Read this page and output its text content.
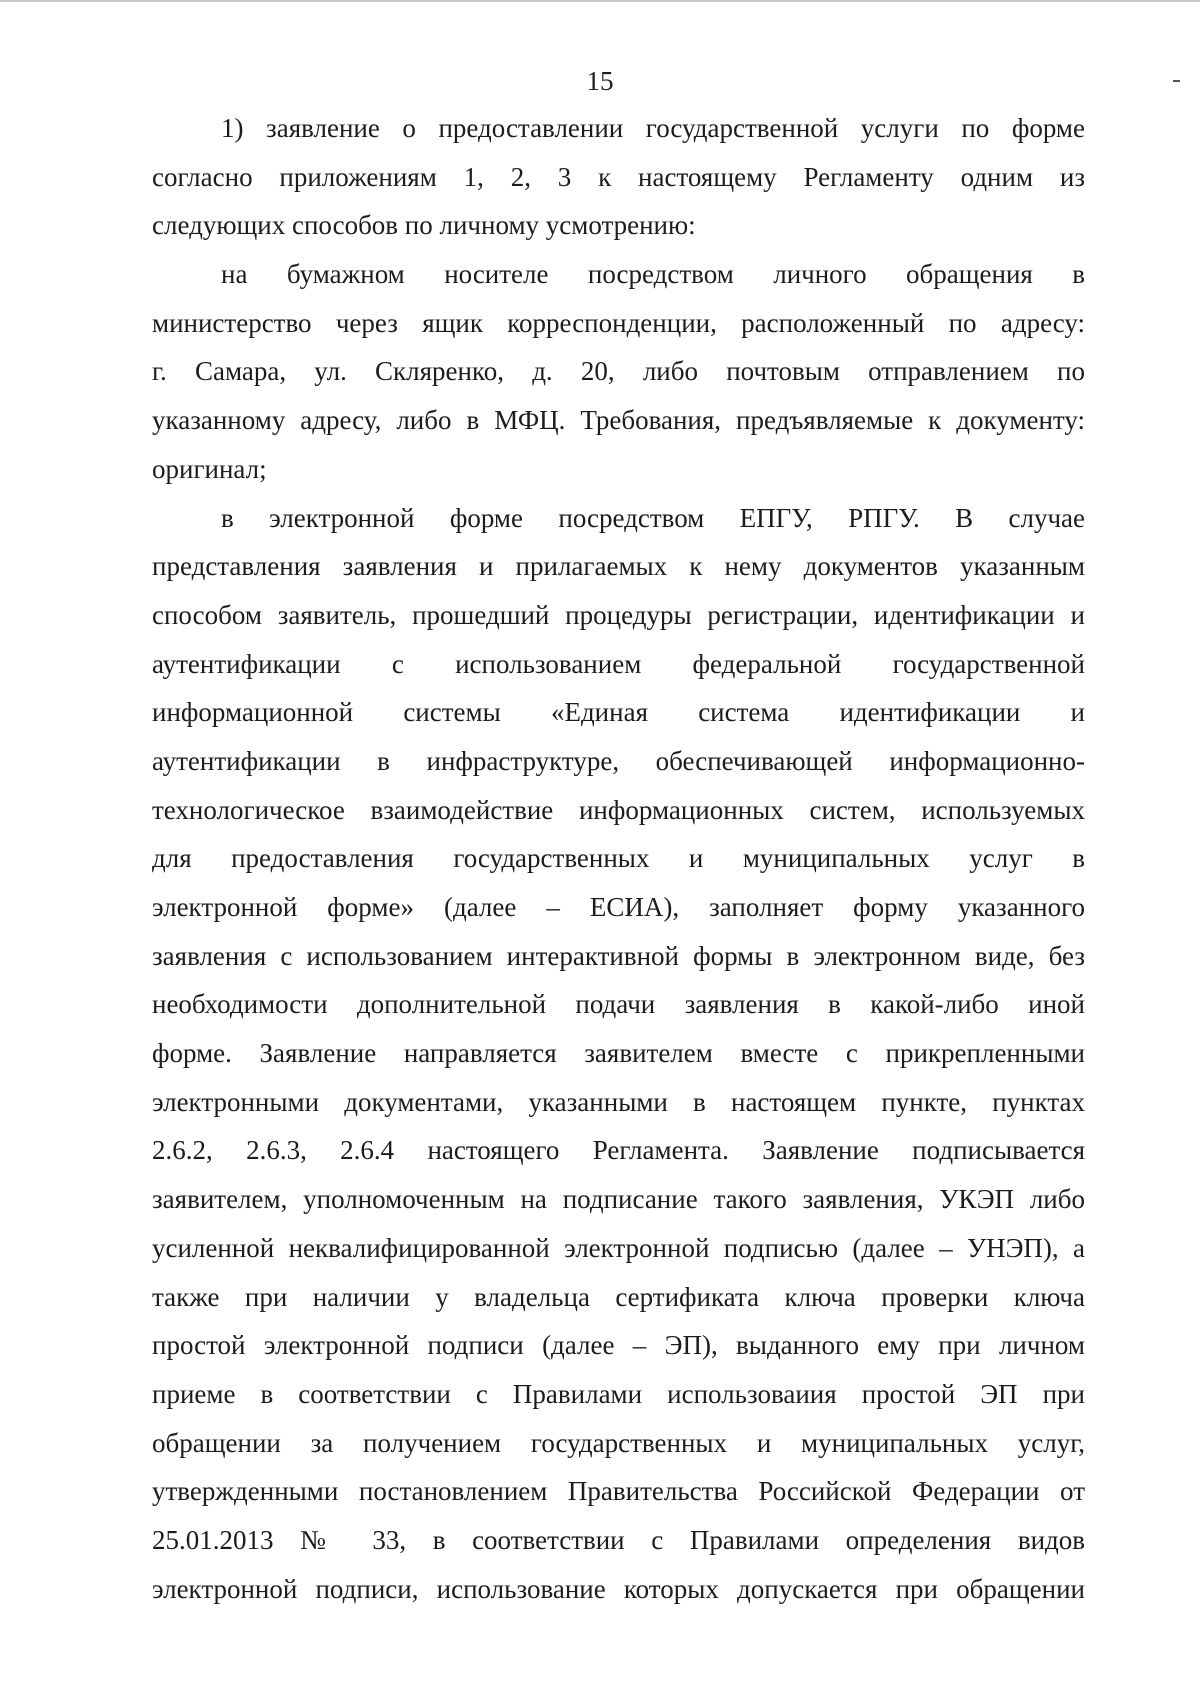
15
1) заявление о предоставлении государственной услуги по форме
согласно приложениям 1, 2, 3 к настоящему Регламенту одним из
следующих способов по личному усмотрению:
на бумажном носителе посредством личного обращения в
министерство через ящик корреспонденции, расположенный по адресу:
г. Самара, ул. Скляренко, д. 20, либо почтовым отправлением по
указанному адресу, либо в МФЦ. Требования, предъявляемые к документу:
оригинал;
в электронной форме посредством ЕПГУ, РПГУ. В случае
представления заявления и прилагаемых к нему документов указанным
способом заявитель, прошедший процедуры регистрации, идентификации и
аутентификации с использованием федеральной государственной
информационной системы «Единая система идентификации и
аутентификации в инфраструктуре, обеспечивающей информационно-
технологическое взаимодействие информационных систем, используемых
для предоставления государственных и муниципальных услуг в
электронной форме» (далее – ЕСИА), заполняет форму указанного
заявления с использованием интерактивной формы в электронном виде, без
необходимости дополнительной подачи заявления в какой-либо иной
форме. Заявление направляется заявителем вместе с прикрепленными
электронными документами, указанными в настоящем пункте, пунктах
2.6.2, 2.6.3, 2.6.4 настоящего Регламента. Заявление подписывается
заявителем, уполномоченным на подписание такого заявления, УКЭП либо
усиленной неквалифицированной электронной подписью (далее – УНЭП), а
также при наличии у владельца сертификата ключа проверки ключа
простой электронной подписи (далее – ЭП), выданного ему при личном
приеме в соответствии с Правилами использоваиия простой ЭП при
обращении за получением государственных и муниципальных услуг,
утвержденными постановлением Правительства Российской Федерации от
25.01.2013 № 33, в соответствии с Правилами определения видов
электронной подписи, использование которых допускается при обращении
